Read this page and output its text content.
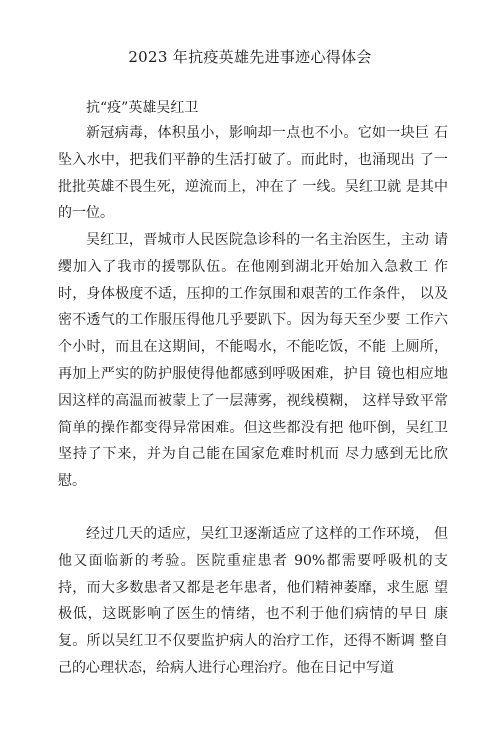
2023 年抗疫英雄先进事迹心得体会
抗“疫”英雄吴红卫

新冠病毒，体积虽小，影响却一点也不小。它如一块巨 石坠入水中，把我们平静的生活打破了。而此时，也涌现出 了一批批英雄不畏生死，逆流而上，冲在了 一线。吴红卫就 是其中的一位。

吴红卫，晋城市人民医院急诊科的一名主治医生，主动 请缨加入了我市的援鄂队伍。在他刚到湖北开始加入急救工 作时，身体极度不适，压抑的工作氛围和艰苦的工作条件， 以及密不透气的工作服压得他几乎要趴下。因为每天至少要 工作六个小时，而且在这期间，不能喝水，不能吃饭，不能 上厕所，再加上严实的防护服使得他都感到呼吸困难，护目 镜也相应地因这样的高温而被蒙上了一层薄雾，视线模糊， 这样导致平常简单的操作都变得异常困难。但这些都没有把 他吓倒，吴红卫坚持了下来，并为自己能在国家危难时机而 尽力感到无比欣慰。

经过几天的适应，吴红卫逐渐适应了这样的工作环境， 但他又面临新的考验。医院重症患者 90%都需要呼吸机的支 持，而大多数患者又都是老年患者，他们精神萎靡，求生愿 望极低，这既影响了医生的情绪，也不利于他们病情的早日 康复。所以吴红卫不仅要监护病人的治疗工作，还得不断调 整自己的心理状态，给病人进行心理治疗。他在日记中写道
